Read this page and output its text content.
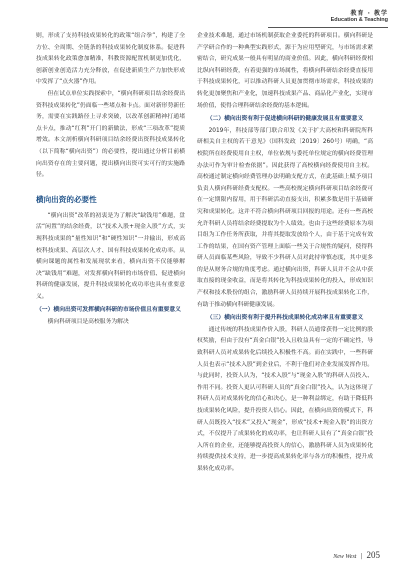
教育 · 教学
Education & Teaching

则，形成了支持科技成果转化的政策“组合拳”，构建了全方位、全周期、全链条的科技成果转化制度体系。促进科技成果转化政策愈加精准，科教资源配置机制更加优化，创新创业创造活力充分释放，在促进新质生产力加快形成中发挥了“点火器”作用。

但在试点单位实践探索中，“横向科研项目结余经费出资科技成果转化”仍面临一些堵点和卡点。面对新形势新任务，需要在实践路径上寻求突破，以改革创新精神打通堵点卡点，推动“红利”开门的新做法，形成“三项改革”提质增效。本文剖析横向科研项目结余经费出资科技成果转化（以下简称“横向出资”）的必要性，提出通过分析目前横向出资存在的主要问题，提出横向出资可实可行的实施路径。

横向出资的必要性

“横向出资”改革的初衷是为了解决“缺钱用”难题，盘活“闲置”的结余经费，以“技术入股+现金入股”方式，实现科技成果的“量性知识”和“硬性知识”一并输出，形成高校科技成果、高层次人才、国有科技成果转化成功率。从横向课题的属性和发展现状来看，横向出资不仅能够解决“缺钱用”难题，对发挥横向科研的市场价值、促进横向科研的健康发展，提升科技成果转化成功率也具有重要意义。

（一）横向出资可发挥横向科研的市场价值且有重要意义

横向科研项目是高校服务为解决

企业技术难题，通过市场机制获取企业委托的科研项目。横向科研是产学研合作的一种典型实践形式，源于为应用型研究，与市场需求紧密结合，研究成果一般具有明显的商业价值。因此，横向科研经费相比纵向科研经费，有着更强的市场属性，将横向科研结余经费直接用于科技成果转化，可以推动科研人员更加贯彻市场需求，科技成果的转化更加聚焦和产业化，加速科技成果产品、商品化产业化，实现市场价值，使得合理科研结余经费的基本逻辑。

（二）横向出资有利于促进横向科研的健康发展且有重要意义

2019年，科技部等部门联合印发《关于扩大高校和科研院所科研相关自主权的若干意见》（国科发政〔2019〕260号）明确，“高校院所在经费使用自主权，单位依规与委托单位规定的横向经费管理办法可作为审计检查依据”。因此获得了高校横向经费使用自主权。高校通过制定横向经费管理办法明确支配方式，在此基础上赋予项目负责人横向科研经费支配权。一些高校规定横向科研项目结余经费可在一定期限内留用，用于科研活动直接支出，积累多数是用于基础研究和成果转化。这并不符合横向科研项目回报的用途。还有一些高校允许科研人员将结余经费提取为个人绩效。也由于这些经费原本为项目组为工作任务所获取，并将其提取发放给个人，由于基于完成有效工作的结果，在国有资产管理上面临一些关于合规性的疑问，使得科研人员面临某些风险，导致不少科研人员对此持审慎态度，其中更多的是从财务合规的角度考虑。通过横向出资，科研人员并不会从中获取直接的现金收益，而是将其转化为科技成果转化的投入，形成知识产权和技术股份的组合，激励科研人员持续开展科技成果转化工作，有助于推动横向科研健康发展。

（三）横向出资有利于提升科技成果转化成功率且有重要意义

通过传统的科技成果作价入股，科研人员通常获得一定比例的股权奖励，但由于没有“真金白银”投入且收益具有一定的不确定性，导致科研人员对成果转化后续投入积极性不高。而在实践中，一些科研人员也表示“技术入股”到企业后，不利于他们对企业发展发挥作用。与此同时，投资人认为，“技术入股”与“现金入股”的科研人员投入、作用不同。投资人更认可科研人员的“真金白银”投入，认为这体现了科研人员对成果转化的信心和决心，是一种利益绑定，有助于降低科技成果转化风险，提升投资人信心。因此，在横向出资的模式下，科研人员既投入“技术”又投入“现金”，形成“技术+现金入股”的出资方式，不仅提升了成果转化的成功率，也让科研人员有了“真金白银”投入所在的企业，还能够提高投资人的信心，激励科研人员为成果转化持续提供技术支持，进一步提高成果转化率与各方的积极性，提升成果转化成功率。

New West | 205
